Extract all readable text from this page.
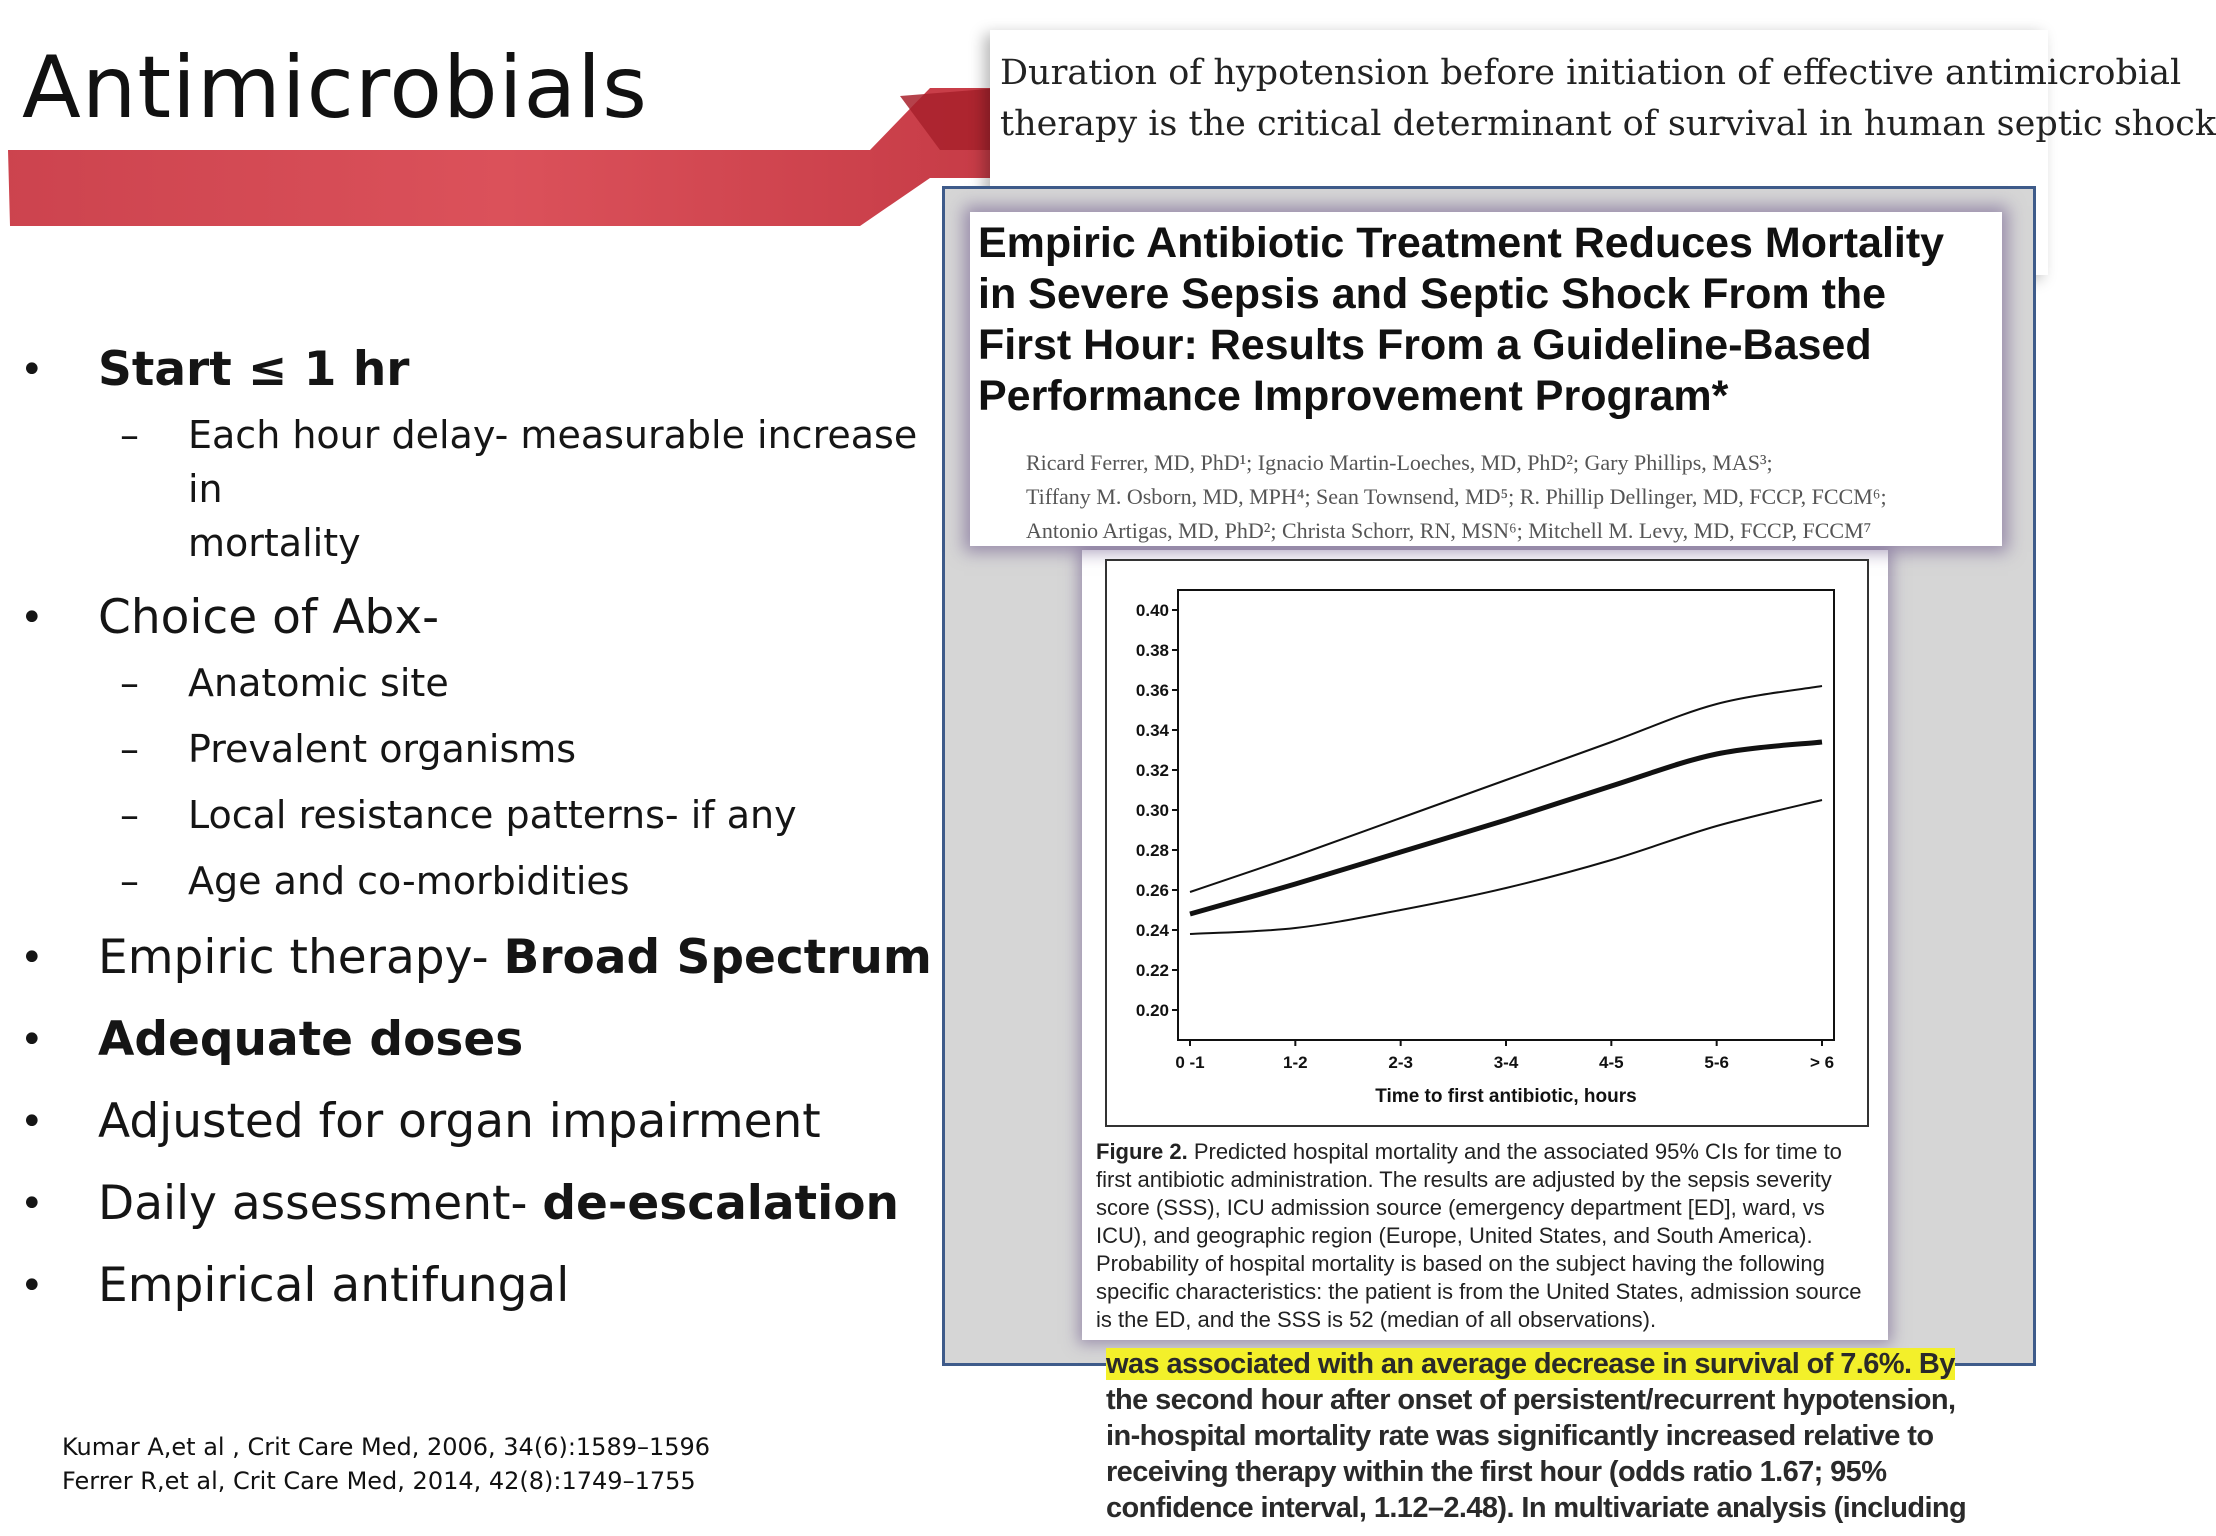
Antimicrobials
• Start ≤ 1 hr
– Each hour delay- measurable increase in
mortality
• Choice of Abx-
– Anatomic site
– Prevalent organisms
– Local resistance patterns- if any
– Age and co-morbidities
• Empiric therapy- Broad Spectrum
• Adequate doses
• Adjusted for organ impairment
• Daily assessment- de-escalation
• Empirical antifungal
Kumar A,et al , Crit Care Med, 2006, 34(6):1589–1596
Ferrer R,et al, Crit Care Med, 2014, 42(8):1749–1755
Duration of hypotension before initiation of effective antimicrobial
therapy is the critical determinant of survival in human septic shock
Empiric Antibiotic Treatment Reduces Mortality
in Severe Sepsis and Septic Shock From the
First Hour: Results From a Guideline-Based
Performance Improvement Program*
Ricard Ferrer, MD, PhD¹; Ignacio Martin-Loeches, MD, PhD²; Gary Phillips, MAS³;
Tiffany M. Osborn, MD, MPH⁴; Sean Townsend, MD⁵; R. Phillip Dellinger, MD, FCCP, FCCM⁶;
Antonio Artigas, MD, PhD²; Christa Schorr, RN, MSN⁶; Mitchell M. Levy, MD, FCCP, FCCM⁷
0.40
0.38
0.36
0.34
0.32
0.30
0.28
0.26
0.24
0.22
0.20
0 -1	1-2	2-3	3-4	4-5	5-6	> 6
Time to first antibiotic, hours
Figure 2. Predicted hospital mortality and the associated 95% CIs for time to first antibiotic administration. The results are adjusted by the sepsis severity score (SSS), ICU admission source (emergency department [ED], ward, vs ICU), and geographic region (Europe, United States, and South America). Probability of hospital mortality is based on the subject having the following specific characteristics: the patient is from the United States, admission source is the ED, and the SSS is 52 (median of all observations).
was associated with an average decrease in survival of 7.6%. By
the second hour after onset of persistent/recurrent hypotension,
in-hospital mortality rate was significantly increased relative to
receiving therapy within the first hour (odds ratio 1.67; 95%
confidence interval, 1.12–2.48). In multivariate analysis (including
